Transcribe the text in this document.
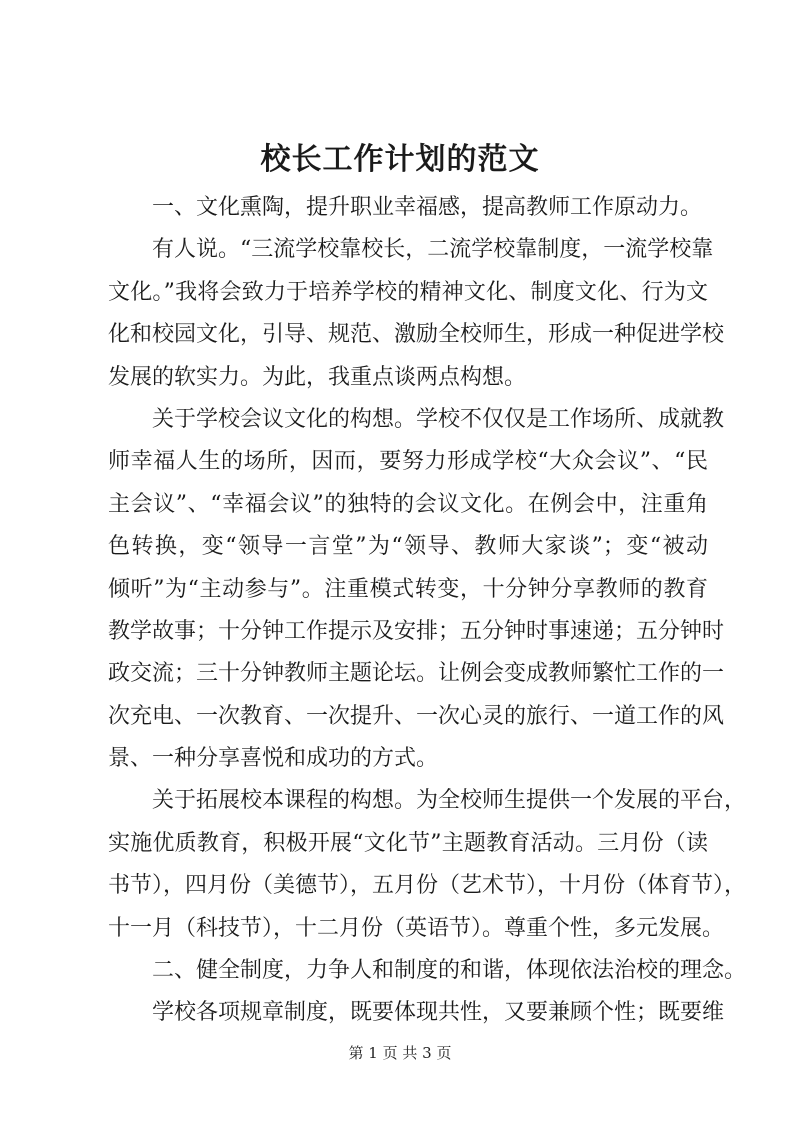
校长工作计划的范文
一、文化熏陶，提升职业幸福感，提高教师工作原动力。
有人说。“三流学校靠校长，二流学校靠制度，一流学校靠
文化。”我将会致力于培养学校的精神文化、制度文化、行为文
化和校园文化，引导、规范、激励全校师生，形成一种促进学校
发展的软实力。为此，我重点谈两点构想。
关于学校会议文化的构想。学校不仅仅是工作场所、成就教
师幸福人生的场所，因而，要努力形成学校“大众会议”、“民
主会议”、“幸福会议”的独特的会议文化。在例会中，注重角
色转换，变“领导一言堂”为“领导、教师大家谈”；变“被动
倾听”为“主动参与”。注重模式转变，十分钟分享教师的教育
教学故事；十分钟工作提示及安排；五分钟时事速递；五分钟时
政交流；三十分钟教师主题论坛。让例会变成教师繁忙工作的一
次充电、一次教育、一次提升、一次心灵的旅行、一道工作的风
景、一种分享喜悦和成功的方式。
关于拓展校本课程的构想。为全校师生提供一个发展的平台，
实施优质教育，积极开展“文化节”主题教育活动。三月份（读
书节），四月份（美德节），五月份（艺术节），十月份（体育节），
十一月（科技节），十二月份（英语节）。尊重个性，多元发展。
二、健全制度，力争人和制度的和谐，体现依法治校的理念。
学校各项规章制度，既要体现共性，又要兼顾个性；既要维
第 1 页 共 3 页
